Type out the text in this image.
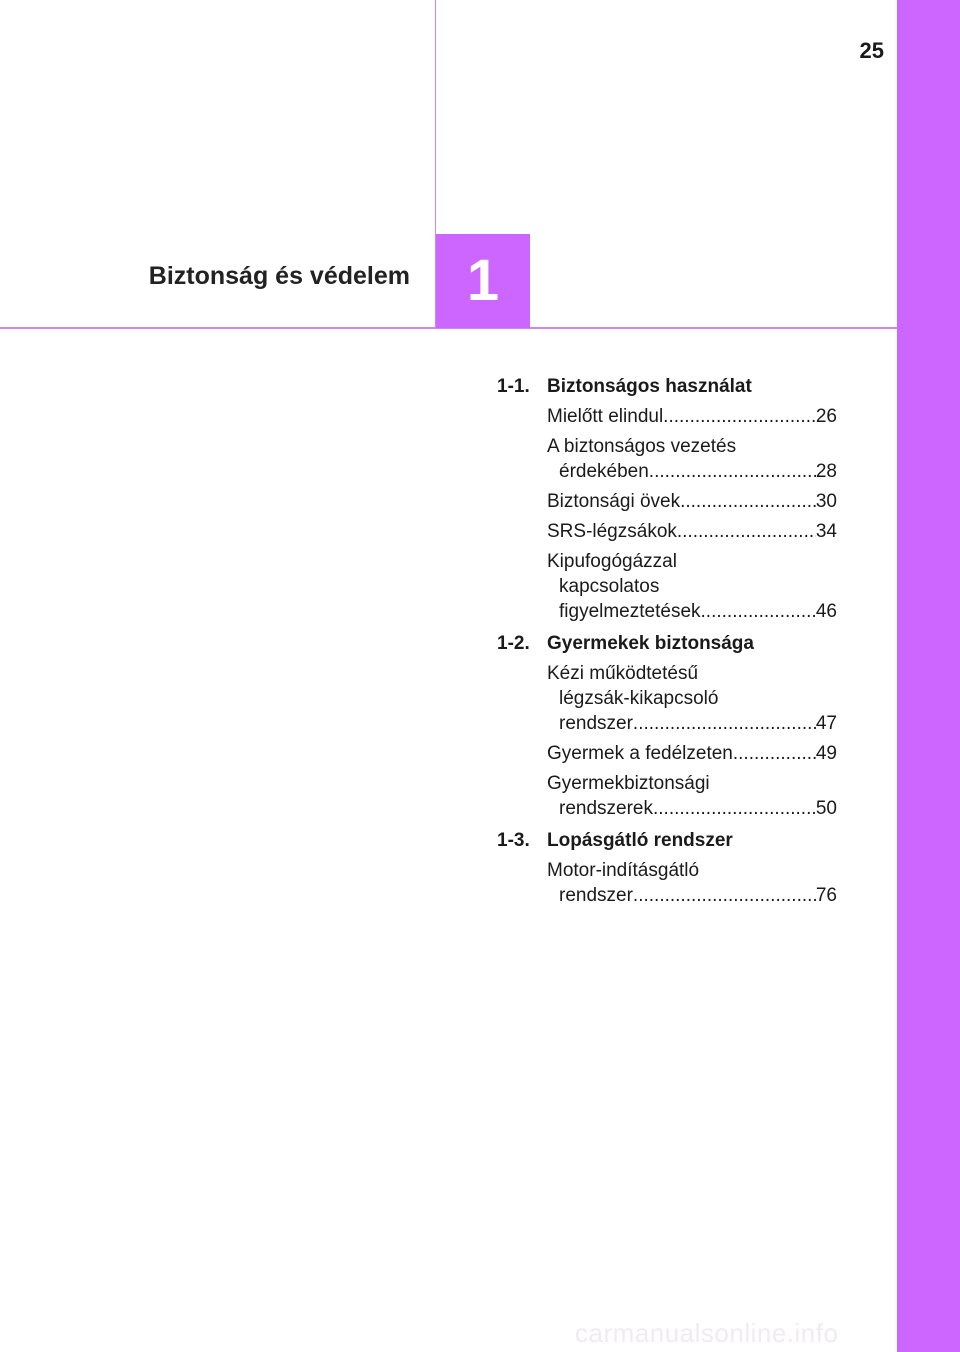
25
Biztonság és védelem 1
1-1. Biztonságos használat
Mielőtt elindul .....	26
A biztonságos vezetés
érdekében .....	28
Biztonsági övek .....	30
SRS-légzsákok .....	34
Kipufogógázzal
kapcsolatos
figyelmeztetések .....	46
1-2. Gyermekek biztonsága
Kézi működtetésű
légzsák-kikapcsoló
rendszer .....	47
Gyermek a fedélzeten .....	49
Gyermekbiztonsági
rendszerek .....	50
1-3. Lopásgátló rendszer
Motor-indításgátló
rendszer .....	76
carmanualsonline.info
